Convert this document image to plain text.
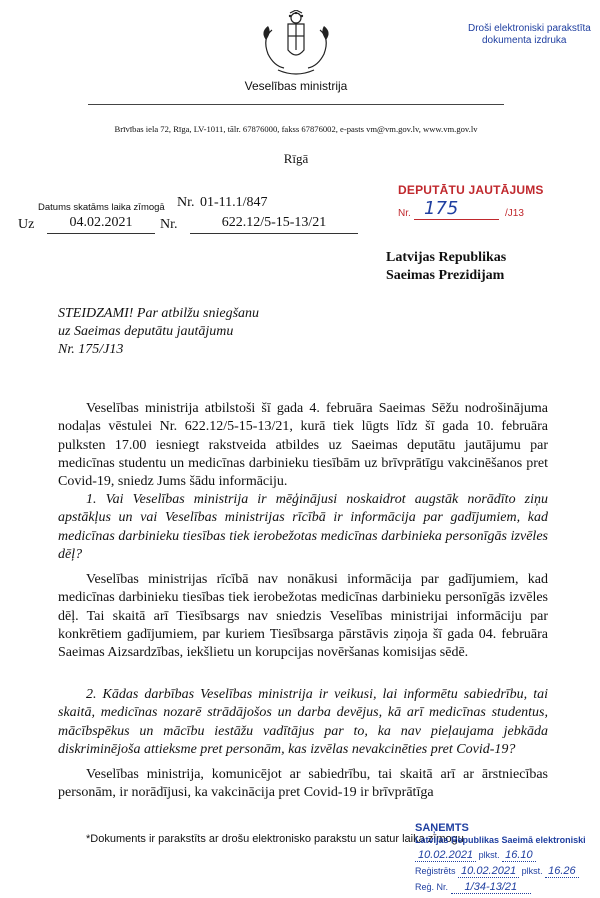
Veselības ministrija
Brīvības iela 72, Rīga, LV-1011, tālr. 67876000, fakss 67876002, e-pasts vm@vm.gov.lv, www.vm.gov.lv
Rīgā
Droši elektroniski parakstīta
dokumenta izdruka
Datums skatāms laika zīmogā Nr. 01-11.1/847
Uz	04.02.2021	Nr.	622.12/5-15-13/21
DEPUTĀTU JAUTĀJUMS
Nr. 175	/J13
Latvijas Republikas
Saeimas Prezidijam
STEIDZAMI! Par atbilžu sniegšanu
uz Saeimas deputātu jautājumu
Nr. 175/J13
Veselības ministrija atbilstoši šī gada 4. februāra Saeimas Sēžu nodrošinājuma nodaļas vēstulei Nr. 622.12/5-15-13/21, kurā tiek lūgts līdz šī gada 10. februāra pulksten 17.00 iesniegt rakstveida atbildes uz Saeimas deputātu jautājumu par medicīnas studentu un medicīnas darbinieku tiesībām uz brīvprātīgu vakcinēšanos pret Covid-19, sniedz Jums šādu informāciju.
1. Vai Veselības ministrija ir mēģinājusi noskaidrot augstāk norādīto ziņu apstākļus un vai Veselības ministrijas rīcībā ir informācija par gadījumiem, kad medicīnas darbinieku tiesības tiek ierobežotas medicīnas darbinieka personīgās izvēles dēļ?
Veselības ministrijas rīcībā nav nonākusi informācija par gadījumiem, kad medicīnas darbinieku tiesības tiek ierobežotas medicīnas darbinieku personīgās izvēles dēļ. Tai skaitā arī Tiesībsargs nav sniedzis Veselības ministrijai informāciju par konkrētiem gadījumiem, par kuriem Tiesībsarga pārstāvis ziņoja šī gada 04. februāra Saeimas Aizsardzības, iekšlietu un korupcijas novēršanas komisijas sēdē.
2. Kādas darbības Veselības ministrija ir veikusi, lai informētu sabiedrību, tai skaitā, medicīnas nozarē strādājošos un darba devējus, kā arī medicīnas studentus, mācībspēkus un mācību iestāžu vadītājus par to, ka nav pieļaujama jebkāda diskriminējoša attieksme pret personām, kas izvēlas nevakcinēties pret Covid-19?
Veselības ministrija, komunicējot ar sabiedrību, tai skaitā arī ar ārstniecības personām, ir norādījusi, ka vakcinācija pret Covid-19 ir brīvprātīga
*Dokuments ir parakstīts ar drošu elektronisko parakstu un satur laika zīmogu
SAŅEMTS
Latvijas Republikas Saeimā elektroniski
10.02.2021 plkst. 16.10
Reģistrēts 10.02.2021 plkst. 16.26
Reģ. Nr. 1/34-13/21
